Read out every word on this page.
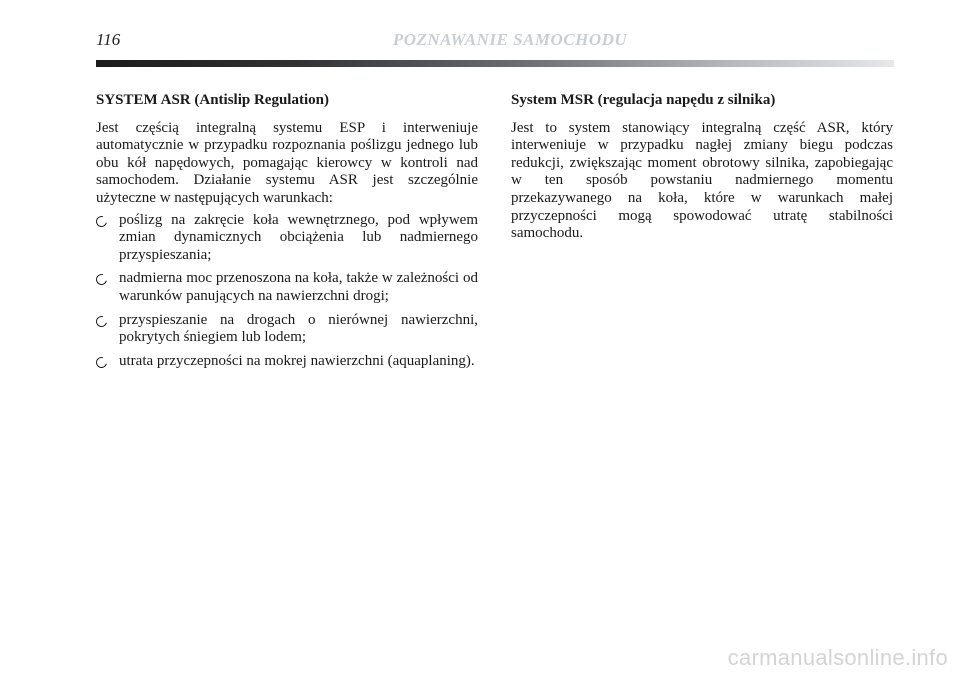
116	POZNAWANIE SAMOCHODU
SYSTEM ASR (Antislip Regulation)

Jest częścią integralną systemu ESP i interweniuje automatycznie w przypadku rozpoznania poślizgu jednego lub obu kół napędowych, pomagając kierowcy w kontroli nad samochodem. Działanie systemu ASR jest szczególnie użyteczne w następujących warunkach:

poślizg na zakręcie koła wewnętrznego, pod wpływem zmian dynamicznych obciążenia lub nadmiernego przyspieszania;
nadmierna moc przenoszona na koła, także w zależności od warunków panujących na nawierzchni drogi;
przyspieszanie na drogach o nierównej nawierzchni, pokrytych śniegiem lub lodem;
utrata przyczepności na mokrej nawierzchni (aquaplaning).
System MSR (regulacja napędu z silnika)

Jest to system stanowiący integralną część ASR, który interweniuje w przypadku nagłej zmiany biegu podczas redukcji, zwiększając moment obrotowy silnika, zapobiegając w ten sposób powstaniu nadmiernego momentu przekazywanego na koła, które w warunkach małej przyczepności mogą spowodować utratę stabilności samochodu.

carmanualsonline.info
